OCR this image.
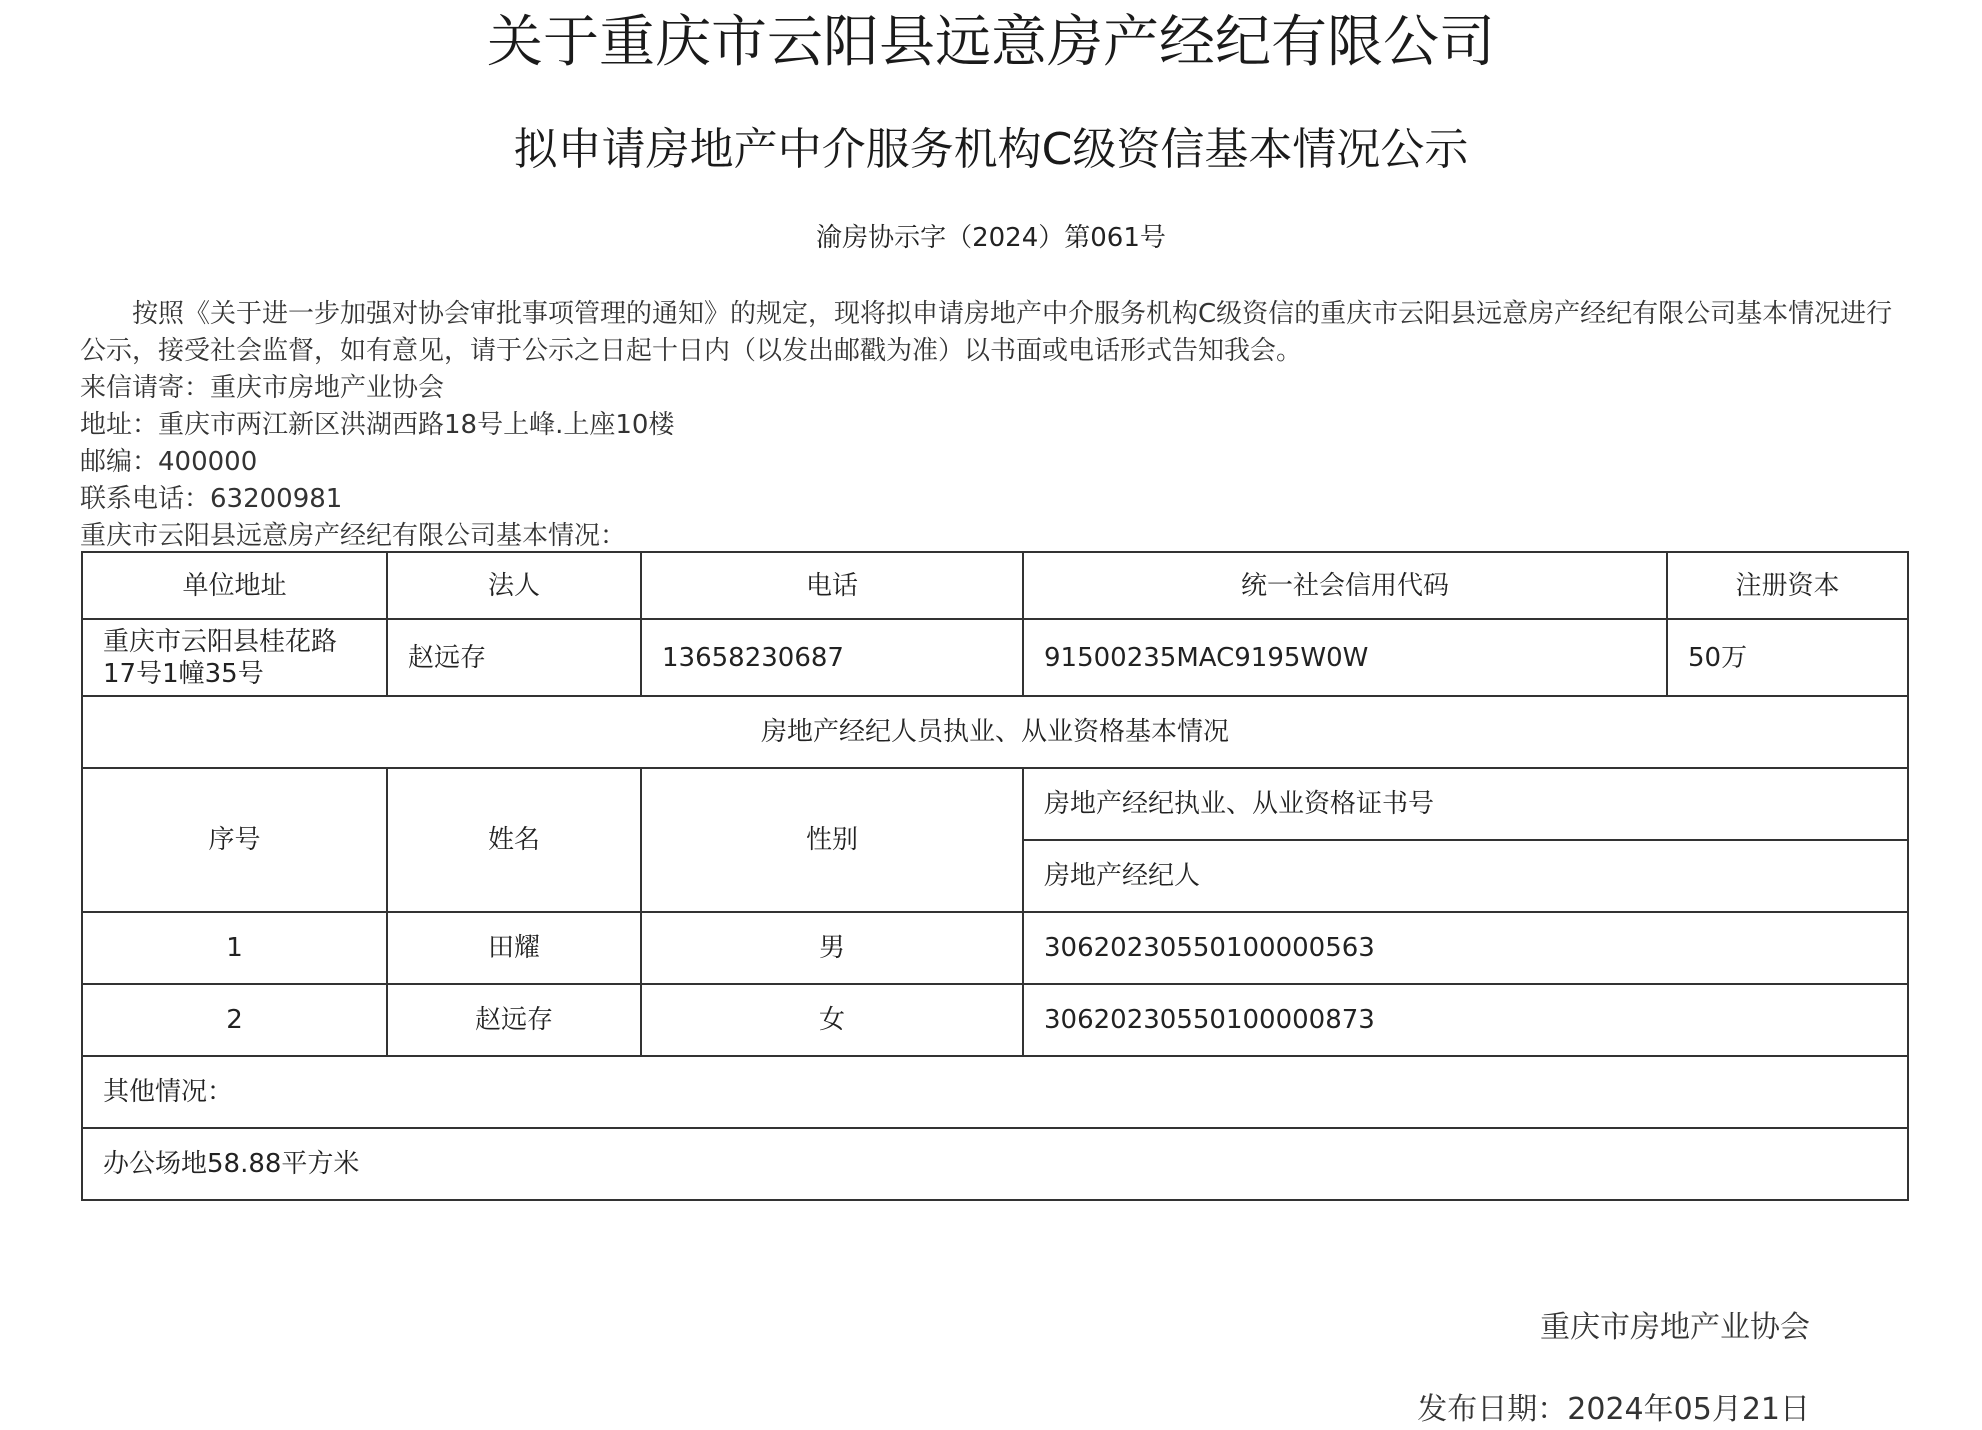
关于重庆市云阳县远意房产经纪有限公司
拟申请房地产中介服务机构C级资信基本情况公示
渝房协示字（2024）第061号

按照《关于进一步加强对协会审批事项管理的通知》的规定，现将拟申请房地产中介服务机构C级资信的重庆市云阳县远意房产经纪有限公司基本情况进行公示，接受社会监督，如有意见，请于公示之日起十日内（以发出邮戳为准）以书面或电话形式告知我会。

来信请寄：重庆市房地产业协会

地址：重庆市两江新区洪湖西路18号上峰.上座10楼

邮编：400000

联系电话：63200981

重庆市云阳县远意房产经纪有限公司基本情况：

单位地址	法人	电话	统一社会信用代码	注册资本
重庆市云阳县桂花路17号1幢35号	赵远存	13658230687	91500235MAC9195W0W	50万
房地产经纪人员执业、从业资格基本情况				
序号	姓名	性别	房地产经纪执业、从业资格证书号	
			房地产经纪人	
1	田耀	男	30620230550100000563	
2	赵远存	女	30620230550100000873	
其他情况：				
办公场地58.88平方米				
重庆市房地产业协会
发布日期：2024年05月21日
